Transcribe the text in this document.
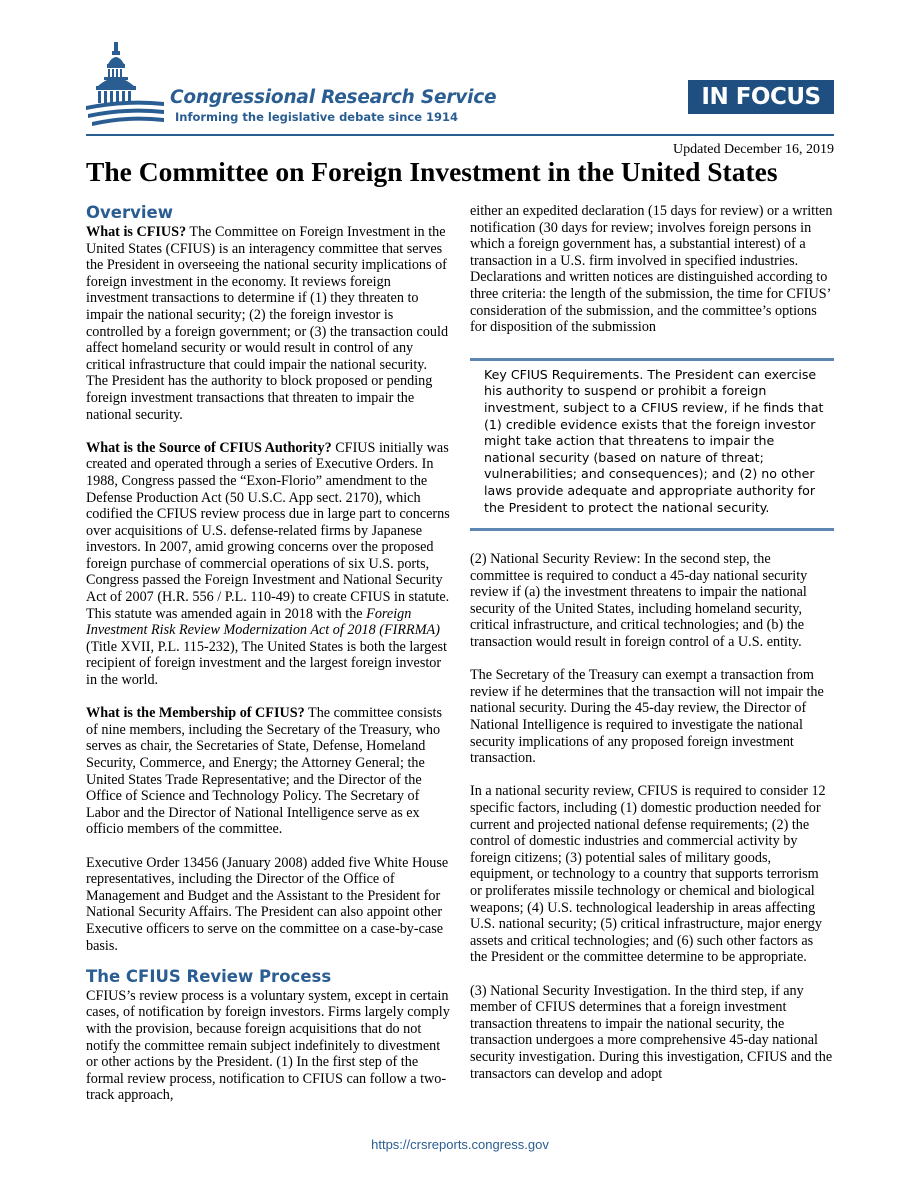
Congressional Research Service
Informing the legislative debate since 1914
IN FOCUS
Updated December 16, 2019
The Committee on Foreign Investment in the United States
Overview

What is CFIUS? The Committee on Foreign Investment in the United States (CFIUS) is an interagency committee that serves the President in overseeing the national security implications of foreign investment in the economy. It reviews foreign investment transactions to determine if (1) they threaten to impair the national security; (2) the foreign investor is controlled by a foreign government; or (3) the transaction could affect homeland security or would result in control of any critical infrastructure that could impair the national security. The President has the authority to block proposed or pending foreign investment transactions that threaten to impair the national security.

What is the Source of CFIUS Authority? CFIUS initially was created and operated through a series of Executive Orders. In 1988, Congress passed the “Exon-Florio” amendment to the Defense Production Act (50 U.S.C. App sect. 2170), which codified the CFIUS review process due in large part to concerns over acquisitions of U.S. defense-related firms by Japanese investors. In 2007, amid growing concerns over the proposed foreign purchase of commercial operations of six U.S. ports, Congress passed the Foreign Investment and National Security Act of 2007 (H.R. 556 / P.L. 110-49) to create CFIUS in statute. This statute was amended again in 2018 with the Foreign Investment Risk Review Modernization Act of 2018 (FIRRMA) (Title XVII, P.L. 115-232), The United States is both the largest recipient of foreign investment and the largest foreign investor in the world.

What is the Membership of CFIUS? The committee consists of nine members, including the Secretary of the Treasury, who serves as chair, the Secretaries of State, Defense, Homeland Security, Commerce, and Energy; the Attorney General; the United States Trade Representative; and the Director of the Office of Science and Technology Policy. The Secretary of Labor and the Director of National Intelligence serve as ex officio members of the committee.

Executive Order 13456 (January 2008) added five White House representatives, including the Director of the Office of Management and Budget and the Assistant to the President for National Security Affairs. The President can also appoint other Executive officers to serve on the committee on a case-by-case basis.

The CFIUS Review Process

CFIUS’s review process is a voluntary system, except in certain cases, of notification by foreign investors. Firms largely comply with the provision, because foreign acquisitions that do not notify the committee remain subject indefinitely to divestment or other actions by the President. (1) In the first step of the formal review process, notification to CFIUS can follow a two-track approach,

either an expedited declaration (15 days for review) or a written notification (30 days for review; involves foreign persons in which a foreign government has, a substantial interest) of a transaction in a U.S. firm involved in specified industries. Declarations and written notices are distinguished according to three criteria: the length of the submission, the time for CFIUS’ consideration of the submission, and the committee’s options for disposition of the submission

Key CFIUS Requirements. The President can exercise his authority to suspend or prohibit a foreign investment, subject to a CFIUS review, if he finds that (1) credible evidence exists that the foreign investor might take action that threatens to impair the national security (based on nature of threat; vulnerabilities; and consequences); and (2) no other laws provide adequate and appropriate authority for the President to protect the national security.

(2) National Security Review: In the second step, the committee is required to conduct a 45-day national security review if (a) the investment threatens to impair the national security of the United States, including homeland security, critical infrastructure, and critical technologies; and (b) the transaction would result in foreign control of a U.S. entity.

The Secretary of the Treasury can exempt a transaction from review if he determines that the transaction will not impair the national security. During the 45-day review, the Director of National Intelligence is required to investigate the national security implications of any proposed foreign investment transaction.

In a national security review, CFIUS is required to consider 12 specific factors, including (1) domestic production needed for current and projected national defense requirements; (2) the control of domestic industries and commercial activity by foreign citizens; (3) potential sales of military goods, equipment, or technology to a country that supports terrorism or proliferates missile technology or chemical and biological weapons; (4) U.S. technological leadership in areas affecting U.S. national security; (5) critical infrastructure, major energy assets and critical technologies; and (6) such other factors as the President or the committee determine to be appropriate.

(3) National Security Investigation. In the third step, if any member of CFIUS determines that a foreign investment transaction threatens to impair the national security, the transaction undergoes a more comprehensive 45-day national security investigation. During this investigation, CFIUS and the transactors can develop and adopt

https://crsreports.congress.gov
